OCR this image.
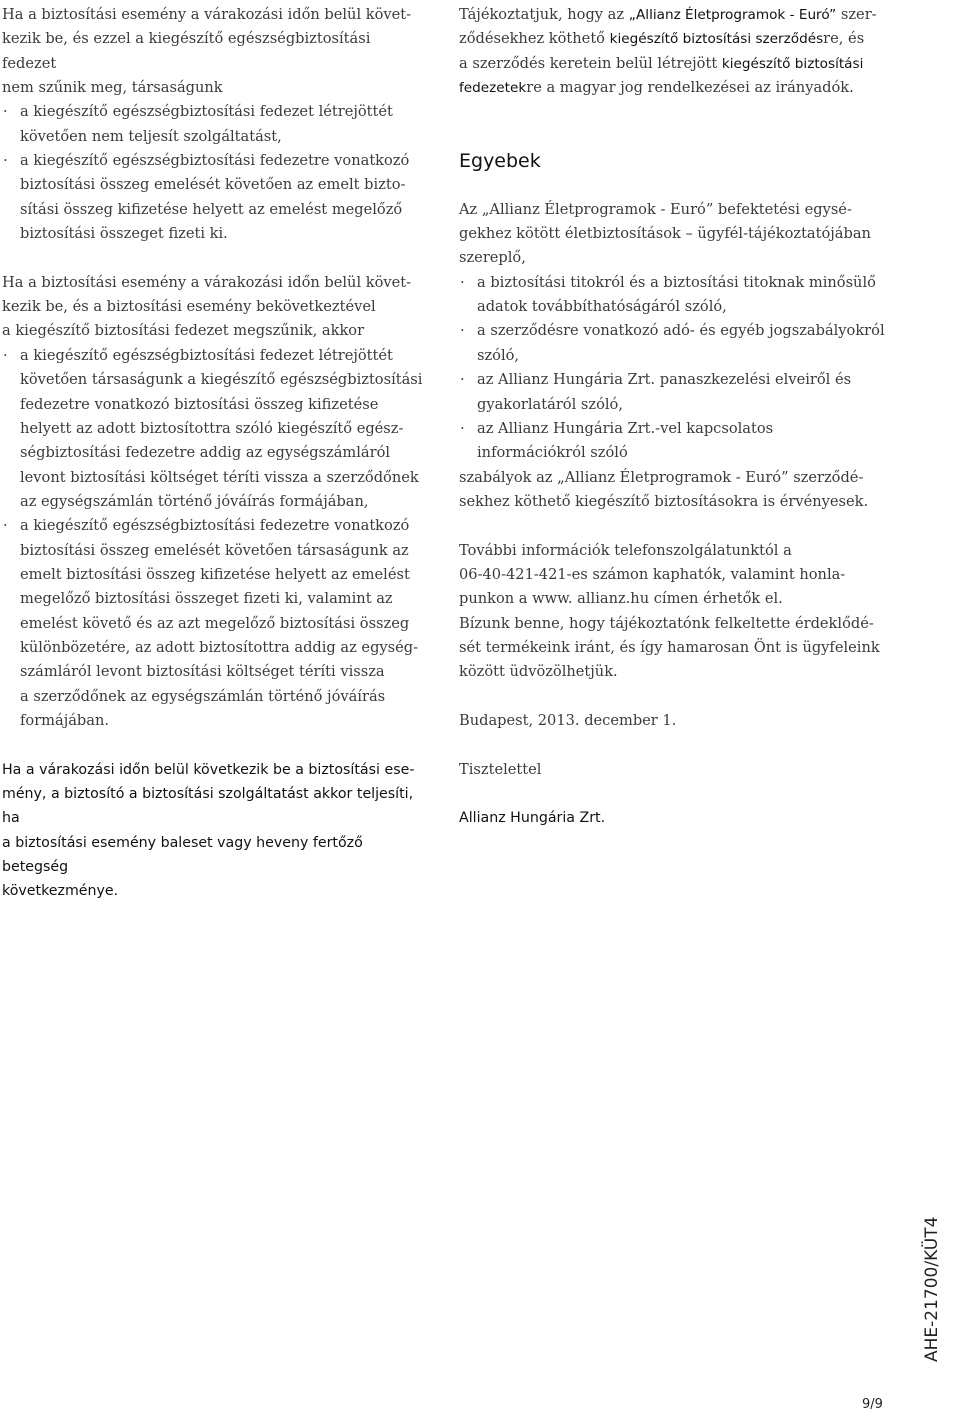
Ha a biztosítási esemény a várakozási időn belül követ-
kezik be, és ezzel a kiegészítő egészségbiztosítási fedezet
nem szűnik meg, társaságunk

· a kiegészítő egészségbiztosítási fedezet létrejöttét
követően nem teljesít szolgáltatást,

· a kiegészítő egészségbiztosítási fedezetre vonatkozó
biztosítási összeg emelését követően az emelt bizto-
sítási összeg kifizetése helyett az emelést megelőző
biztosítási összeget fizeti ki.

Ha a biztosítási esemény a várakozási időn belül követ-
kezik be, és a biztosítási esemény bekövetkeztével
a kiegészítő biztosítási fedezet megszűnik, akkor

· a kiegészítő egészségbiztosítási fedezet létrejöttét
követően társaságunk a kiegészítő egészségbiztosítási
fedezetre vonatkozó biztosítási összeg kifizetése
helyett az adott biztosítottra szóló kiegészítő egész-
ségbiztosítási fedezetre addig az egységszámláról
levont biztosítási költséget téríti vissza a szerződőnek
az egységszámlán történő jóváírás formájában,

· a kiegészítő egészségbiztosítási fedezetre vonatkozó
biztosítási összeg emelését követően társaságunk az
emelt biztosítási összeg kifizetése helyett az emelést
megelőző biztosítási összeget fizeti ki, valamint az
emelést követő és az azt megelőző biztosítási összeg
különbözetére, az adott biztosítottra addig az egység-
számláról levont biztosítási költséget téríti vissza
a szerződőnek az egységszámlán történő jóváírás
formájában.

Ha a várakozási időn belül következik be a biztosítási ese-
mény, a biztosító a biztosítási szolgáltatást akkor teljesíti, ha
a biztosítási esemény baleset vagy heveny fertőző betegség
következménye.

Tájékoztatjuk, hogy az „Allianz Életprogramok - Euró” szer-
ződésekhez köthető kiegészítő biztosítási szerződésre, és
a szerződés keretein belül létrejött kiegészítő biztosítási
fedezetekre a magyar jog rendelkezései az irányadók.

Egyebek

Az „Allianz Életprogramok - Euró” befektetési egysé-
gekhez kötött életbiztosítások – ügyfél-tájékoztatójában
szereplő,

· a biztosítási titokról és a biztosítási titoknak minősülő
adatok továbbíthatóságáról szóló,

· a szerződésre vonatkozó adó- és egyéb jogszabályokról
szóló,

· az Allianz Hungária Zrt. panaszkezelési elveiről és
gyakorlatáról szóló,

· az Allianz Hungária Zrt.-vel kapcsolatos
információkról szóló

szabályok az „Allianz Életprogramok - Euró” szerződé-
sekhez köthető kiegészítő biztosításokra is érvényesek.

További információk telefonszolgálatunktól a
06-40-421-421-es számon kaphatók, valamint honla-
punkon a www. allianz.hu címen érhetők el.
Bízunk benne, hogy tájékoztatónk felkeltette érdeklődé-
sét termékeink iránt, és így hamarosan Önt is ügyfeleink
között üdvözölhetjük.

Budapest, 2013. december 1.

Tisztelettel

Allianz Hungária Zrt.

AHE-21700/KÜT4
9/9
